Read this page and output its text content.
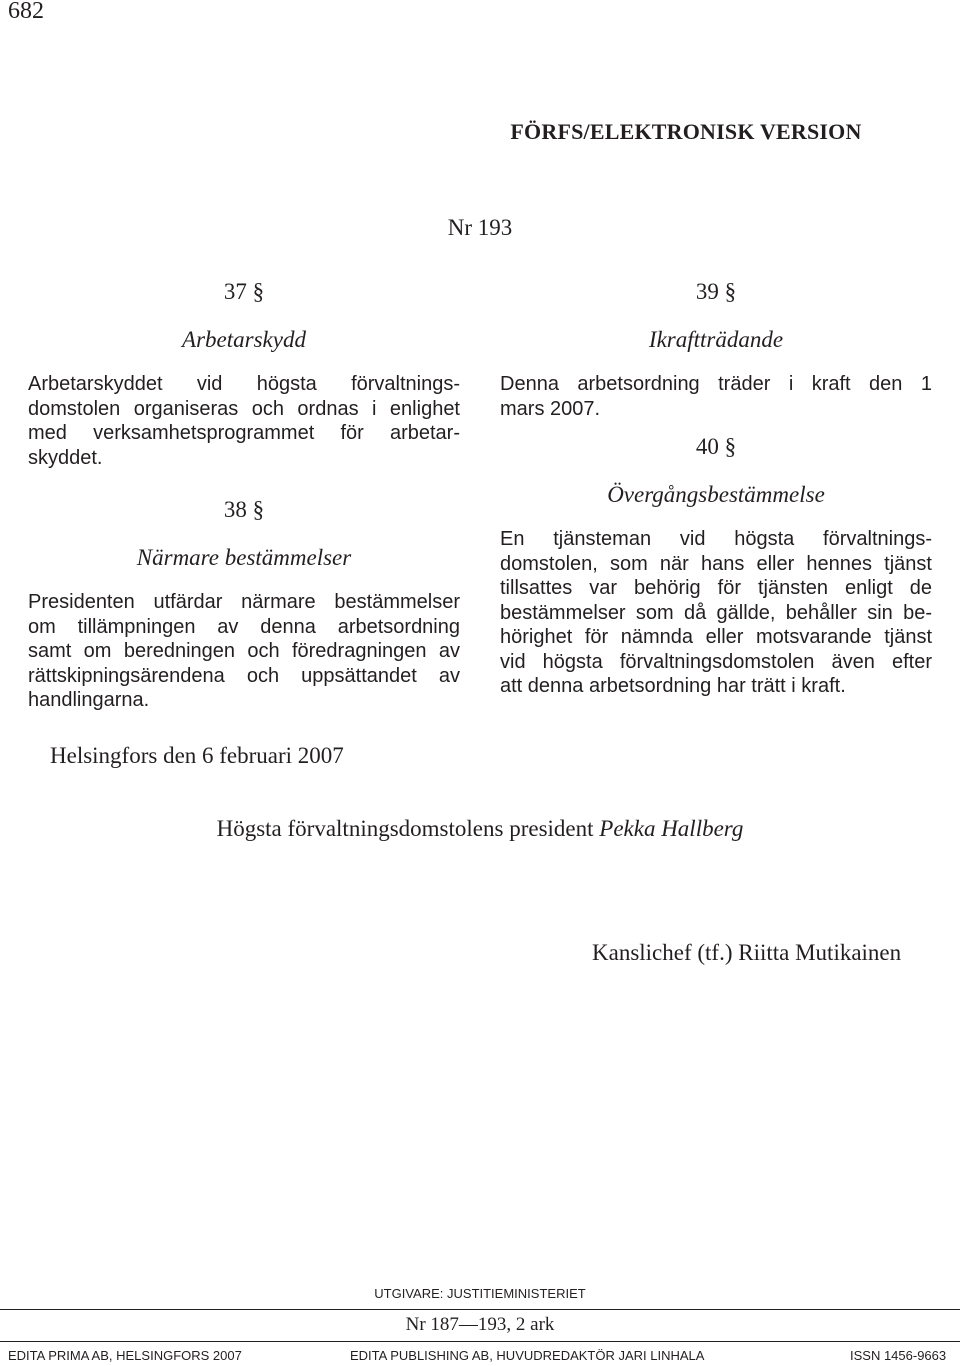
682
FÖRFS/ELEKTRONISK VERSION
Nr 193
37 §
Arbetarskydd
Arbetarskyddet vid högsta förvaltnings-
domstolen organiseras och ordnas i enlighet
med verksamhetsprogrammet för arbetar-
skyddet.
38 §
Närmare bestämmelser
Presidenten utfärdar närmare bestämmelser
om tillämpningen av denna arbetsordning
samt om beredningen och föredragningen av
rättskipningsärendena och uppsättandet av
handlingarna.
39 §
Ikraftträdande
Denna arbetsordning träder i kraft den 1
mars 2007.
40 §
Övergångsbestämmelse
En tjänsteman vid högsta förvaltnings-
domstolen, som när hans eller hennes tjänst
tillsattes var behörig för tjänsten enligt de
bestämmelser som då gällde, behåller sin be-
hörighet för nämnda eller motsvarande tjänst
vid högsta förvaltningsdomstolen även efter
att denna arbetsordning har trätt i kraft.
Helsingfors den 6 februari 2007
Högsta förvaltningsdomstolens president Pekka Hallberg
Kanslichef (tf.) Riitta Mutikainen
UTGIVARE: JUSTITIEMINISTERIET
Nr 187—193, 2 ark
EDITA PRIMA AB, HELSINGFORS 2007	EDITA PUBLISHING AB, HUVUDREDAKTÖR JARI LINHALA	ISSN 1456-9663
